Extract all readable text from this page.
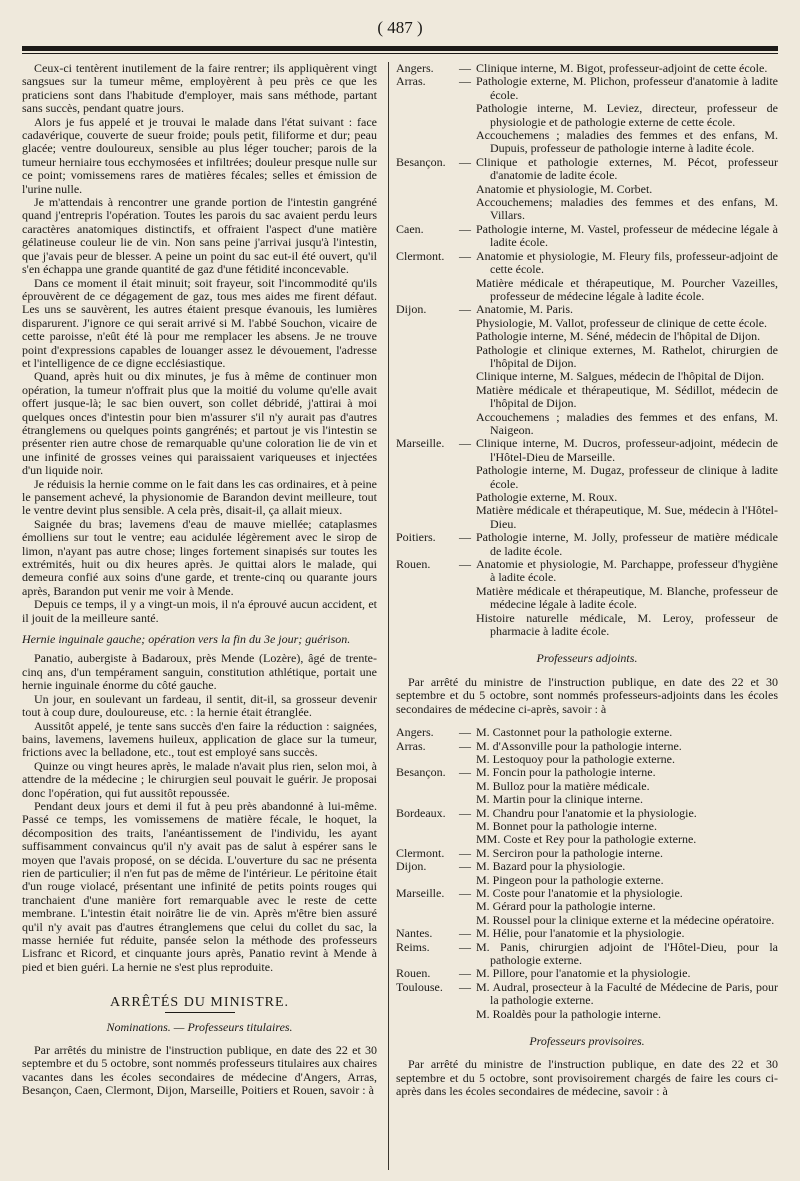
( 487 )

Ceux-ci tentèrent inutilement de la faire rentrer; ils appliquèrent vingt sangsues sur la tumeur même, employèrent à peu près ce que les praticiens sont dans l'habitude d'employer, mais sans méthode, partant sans succès, pendant quatre jours.

Alors je fus appelé et je trouvai le malade dans l'état suivant : face cadavérique, couverte de sueur froide; pouls petit, filiforme et dur; peau glacée; ventre douloureux, sensible au plus léger toucher; parois de la tumeur herniaire tous ecchymosées et infiltrées; douleur presque nulle sur ce point; vomissemens rares de matières fécales; selles et émission de l'urine nulle.

Je m'attendais à rencontrer une grande portion de l'intestin gangréné quand j'entrepris l'opération. Toutes les parois du sac avaient perdu leurs caractères anatomiques distinctifs, et offraient l'aspect d'une matière gélatineuse couleur lie de vin. Non sans peine j'arrivai jusqu'à l'intestin, que j'avais peur de blesser. A peine un point du sac eut-il été ouvert, qu'il s'en échappa une grande quantité de gaz d'une fétidité inconcevable.

Dans ce moment il était minuit; soit frayeur, soit l'incommodité qu'ils éprouvèrent de ce dégagement de gaz, tous mes aides me firent défaut. Les uns se sauvèrent, les autres étaient presque évanouis, les lumières disparurent. J'ignore ce qui serait arrivé si M. l'abbé Souchon, vicaire de cette paroisse, n'eût été là pour me remplacer les absens. Je ne trouve point d'expressions capables de louanger assez le dévouement, l'adresse et l'intelligence de ce digne ecclésiastique.

Quand, après huit ou dix minutes, je fus à même de continuer mon opération, la tumeur n'offrait plus que la moitié du volume qu'elle avait offert jusque-là; le sac bien ouvert, son collet débridé, j'attirai à moi quelques onces d'intestin pour bien m'assurer s'il n'y aurait pas d'autres étranglemens ou quelques points gangrénés; et partout je vis l'intestin se présenter rien autre chose de remarquable qu'une coloration lie de vin et une infinité de grosses veines qui paraissaient variqueuses et injectées d'un liquide noir.

Je réduisis la hernie comme on le fait dans les cas ordinaires, et à peine le pansement achevé, la physionomie de Barandon devint meilleure, tout le ventre devint plus sensible. A cela près, disait-il, ça allait mieux.

Saignée du bras; lavemens d'eau de mauve miellée; cataplasmes émolliens sur tout le ventre; eau acidulée légèrement avec le sirop de limon, n'ayant pas autre chose; linges fortement sinapisés sur toutes les extrémités, huit ou dix heures après. Je quittai alors le malade, qui demeura confié aux soins d'une garde, et trente-cinq ou quarante jours après, Barandon put venir me voir à Mende.

Depuis ce temps, il y a vingt-un mois, il n'a éprouvé aucun accident, et il jouit de la meilleure santé.

Hernie inguinale gauche; opération vers la fin du 3e jour; guérison.

Panatio, aubergiste à Badaroux, près Mende (Lozère), âgé de trente-cinq ans, d'un tempérament sanguin, constitution athlétique, portait une hernie inguinale énorme du côté gauche.

Un jour, en soulevant un fardeau, il sentit, dit-il, sa grosseur devenir tout à coup dure, douloureuse, etc. : la hernie était étranglée.

Aussitôt appelé, je tente sans succès d'en faire la réduction : saignées, bains, lavemens, lavemens huileux, application de glace sur la tumeur, frictions avec la belladone, etc., tout est employé sans succès.

Quinze ou vingt heures après, le malade n'avait plus rien, selon moi, à attendre de la médecine ; le chirurgien seul pouvait le guérir. Je proposai donc l'opération, qui fut aussitôt repoussée.

Pendant deux jours et demi il fut à peu près abandonné à lui-même. Passé ce temps, les vomissemens de matière fécale, le hoquet, la décomposition des traits, l'anéantissement de l'individu, les ayant suffisamment convaincus qu'il n'y avait pas de salut à espérer sans le moyen que l'avais proposé, on se décida. L'ouverture du sac ne présenta rien de particulier; il n'en fut pas de même de l'intérieur. Le péritoine était d'un rouge violacé, présentant une infinité de petits points rouges qui tranchaient d'une manière fort remarquable avec le reste de cette membrane. L'intestin était noirâtre lie de vin. Après m'être bien assuré qu'il n'y avait pas d'autres étranglemens que celui du collet du sac, la masse herniée fut réduite, pansée selon la méthode des professeurs Lisfranc et Ricord, et cinquante jours après, Panatio revint à Mende à pied et bien guéri. La hernie ne s'est plus reproduite.

ARRÊTÉS DU MINISTRE.

Nominations. — Professeurs titulaires.

Par arrêtés du ministre de l'instruction publique, en date des 22 et 30 septembre et du 5 octobre, sont nommés professeurs titulaires aux chaires vacantes dans les écoles secondaires de médecine d'Angers, Arras, Besançon, Caen, Clermont, Dijon, Marseille, Poitiers et Rouen, savoir : à

Angers.	— Clinique interne, M. Bigot, professeur-adjoint de cette école.
Arras.	— Pathologie externe, M. Plichon, professeur d'anatomie à ladite école.
Pathologie interne, M. Leviez, directeur, professeur de physiologie et de pathologie externe de cette école.
Accouchemens ; maladies des femmes et des enfans, M. Dupuis, professeur de pathologie interne à ladite école.
Besançon.	— Clinique et pathologie externes, M. Pécot, professeur d'anatomie de ladite école.
Anatomie et physiologie, M. Corbet.
Accouchemens; maladies des femmes et des enfans, M. Villars.
Caen.	— Pathologie interne, M. Vastel, professeur de médecine légale à ladite école.
Clermont.	— Anatomie et physiologie, M. Fleury fils, professeur-adjoint de cette école.
Matière médicale et thérapeutique, M. Pourcher Vazeilles, professeur de médecine légale à ladite école.
Dijon.	— Anatomie, M. Paris.
Physiologie, M. Vallot, professeur de clinique de cette école.
Pathologie interne, M. Séné, médecin de l'hôpital de Dijon.
Pathologie et clinique externes, M. Rathelot, chirurgien de l'hôpital de Dijon.
Clinique interne, M. Salgues, médecin de l'hôpital de Dijon.
Matière médicale et thérapeutique, M. Sédillot, médecin de l'hôpital de Dijon.
Accouchemens ; maladies des femmes et des enfans, M. Naigeon.
Marseille.	— Clinique interne, M. Ducros, professeur-adjoint, médecin de l'Hôtel-Dieu de Marseille.
Pathologie interne, M. Dugaz, professeur de clinique à ladite école.
Pathologie externe, M. Roux.
Matière médicale et thérapeutique, M. Sue, médecin à l'Hôtel-Dieu.
Poitiers.	— Pathologie interne, M. Jolly, professeur de matière médicale de ladite école.
Rouen.	— Anatomie et physiologie, M. Parchappe, professeur d'hygiène à ladite école.
Matière médicale et thérapeutique, M. Blanche, professeur de médecine légale à ladite école.
Histoire naturelle médicale, M. Leroy, professeur de pharmacie à ladite école.

Professeurs adjoints.

Par arrêté du ministre de l'instruction publique, en date des 22 et 30 septembre et du 5 octobre, sont nommés professeurs-adjoints dans les écoles secondaires de médecine ci-après, savoir : à

Angers.	— M. Castonnet pour la pathologie externe.
Arras.	— M. d'Assonville pour la pathologie interne.
M. Lestoquoy pour la pathologie externe.
Besançon.	— M. Foncin pour la pathologie interne.
M. Bulloz pour la matière médicale.
M. Martin pour la clinique interne.
Bordeaux.	— M. Chandru pour l'anatomie et la physiologie.
M. Bonnet pour la pathologie interne.
MM. Coste et Rey pour la pathologie externe.
Clermont.	— M. Serciron pour la pathologie interne.
Dijon.	— M. Bazard pour la physiologie.
M. Pingeon pour la pathologie externe.
Marseille.	— M. Coste pour l'anatomie et la physiologie.
M. Gérard pour la pathologie interne.
M. Roussel pour la clinique externe et la médecine opératoire.
Nantes.	— M. Hélie, pour l'anatomie et la physiologie.
Reims.	— M. Panis, chirurgien adjoint de l'Hôtel-Dieu, pour la pathologie externe.
Rouen.	— M. Pillore, pour l'anatomie et la physiologie.
Toulouse.	— M. Audral, prosecteur à la Faculté de Médecine de Paris, pour la pathologie externe.
M. Roaldès pour la pathologie interne.

Professeurs provisoires.

Par arrêté du ministre de l'instruction publique, en date des 22 et 30 septembre et du 5 octobre, sont provisoirement chargés de faire les cours ci-après dans les écoles secondaires de médecine, savoir : à
